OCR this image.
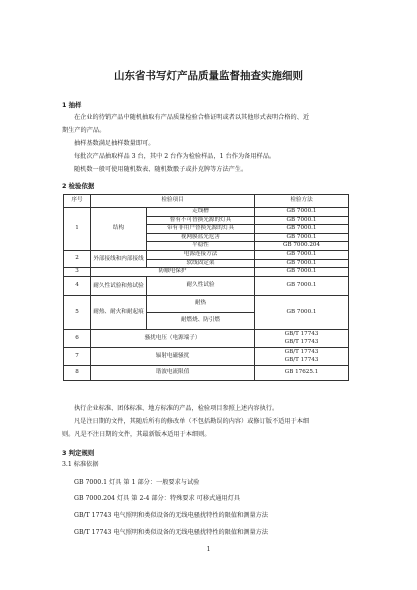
山东省书写灯产品质量监督抽查实施细则
1 抽样
在企业的待销产品中随机抽取有产品质量检验合格证明或者以其他形式表明合格的、近
期生产的产品。
抽样基数满足抽样数量即可。
每批次产品抽取样品 3 台，其中 2 台作为检验样品，1 台作为备用样品。
随机数一般可使用随机数表、随机数骰子或扑克牌等方法产生。
2 检验依据
序号	检验项目		检验方法
1	结构	走线槽	GB 7000.1
		督有不可替换光源的灯具	GB 7000.1
		带有非用户替换光源的灯具	GB 7000.1
		视网膜蓝光危害	GB 7000.1
		平稳性	GB 7000.204
2	外部接线和内部接线	电源连接方法	GB 7000.1
		软线固定架	GB 7000.1
3	防触电保护		GB 7000.1
4	耐久性试验和热试验	耐久性试验	GB 7000.1
5	耐热、耐火和耐起痕	耐热	GB 7000.1
		耐燃烧、防引燃	
6	骚扰电压（电源端子）		GB/T 17743
GB/T 17743

7	辐射电磁骚扰		GB/T 17743
GB/T 17743

8	谐波电流限值		GB 17625.1
执行企业标准、团体标准、地方标准的产品，检验项目参照上述内容执行。
凡是注日期的文件，其随后所有的修改单（不包括勘误的内容）或修订版不适用于本细
则。凡是不注日期的文件，其最新版本适用于本细则。
3 判定规则
3.1 标准依据
GB 7000.1 灯具 第 1 部分：一般要求与试验
GB 7000.204 灯具 第 2-4 部分：特殊要求 可移式通用灯具
GB/T 17743 电气照明和类似设备的无线电骚扰特性的限值和测量方法
GB/T 17743 电气照明和类似设备的无线电骚扰特性的限值和测量方法
1
